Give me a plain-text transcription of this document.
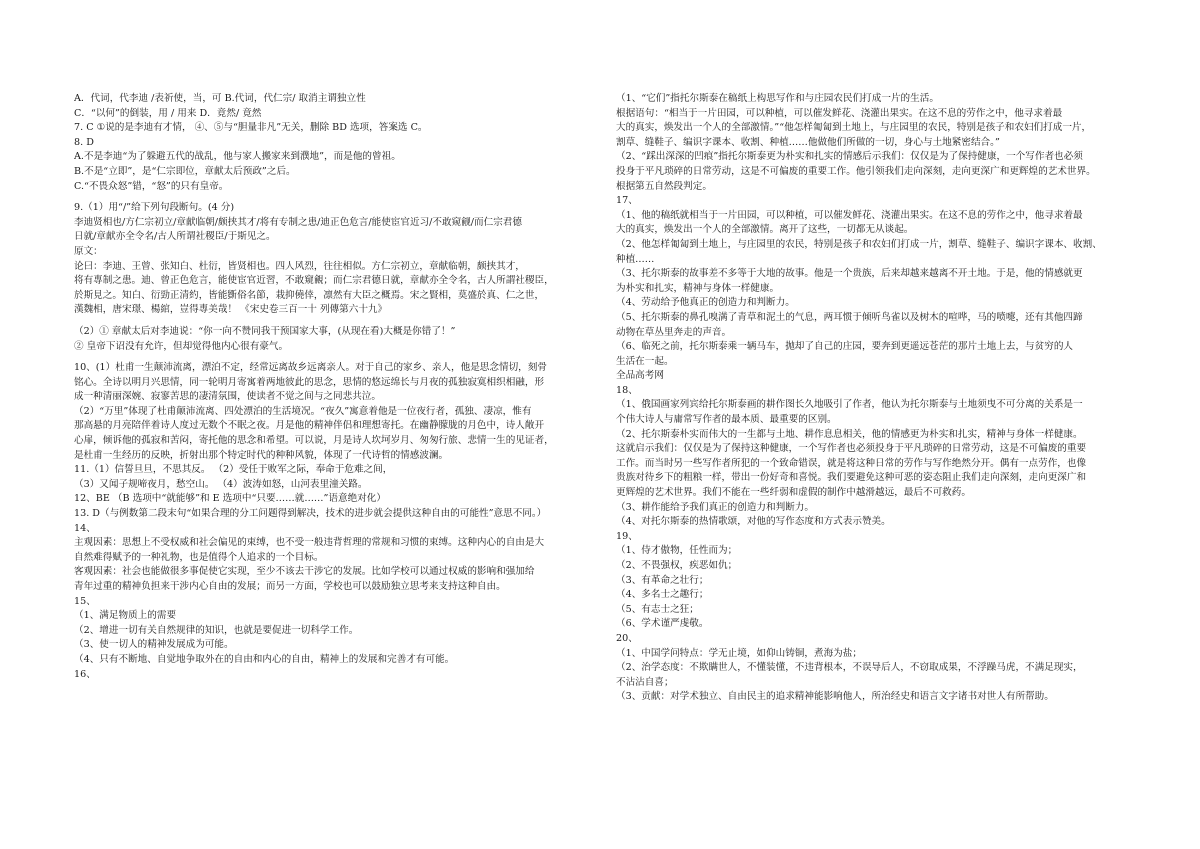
A．代词，代李迪 /表祈使，当，可 B.代词，代仁宗/ 取消主谓独立性
C．“以何”的倒装，用 / 用来 D．竟然/ 竟然
7. C ①说的是李迪有才情， ④、⑤与“胆量非凡”无关，删除 BD 选项，答案选 C。
8. D
A.不是李迪“为了躲避五代的战乱，他与家人搬家来到濮地”，而是他的曾祖。
B.不是“立即”，是“仁宗即位，章献太后预政”之后。
C.“不畏众怒”错，“怒”的只有皇帝。
9.（1）用“/”给下列句段断句。(4 分)
李迪贤相也/方仁宗初立/章献临朝/颇挟其才/将有专制之患/迪正色危言/能使宦官近习/不敢窥觎/而仁宗君德
日就/章献亦全令名/古人所谓社稷臣/于斯见之。
原文：
论曰：李迪、王曾、张知白、杜衍，皆贤相也。四人风烈，往往相似。方仁宗初立，章献临朝，颇挟其才，
将有專制之患。迪、曾正色危言，能使宦官近習，不敢窺覦；而仁宗君德日就，章献亦全令名，古人所謂社稷臣，
於斯見之。知白、衍勁正清約，皆能斵俗名節，栽抑僥倖，凛然有大臣之概焉。宋之賢相，莫盛於真、仁之世，
漢魏相，唐宋璟、楊綰，豈得專美哉！ 《宋史卷三百一十 列傳第六十九》
（2）① 章献太后对李迪说：“你一向不赞同我干预国家大事，(从现在看)大概是你错了！”
② 皇帝下诏没有允许，但却觉得他内心很有豪气。
10、(1）杜甫一生颠沛流离，漂泊不定，经常远离故乡远离亲人。对于自己的家乡、亲人，他是思念情切，刻骨
铭心。全诗以明月兴思情，同一轮明月寄寓着两地彼此的思念，思情的悠远绵长与月夜的孤独寂寞相织相融，形
成一种清丽深婉、寂寥苦思的凄清氛围，使读者不觉之间与之同悲共泣。
（2）“万里”体现了杜甫颠沛流离、四处漂泊的生活境况。“夜久”寓意着他是一位夜行者，孤独、凄凉，惟有
那高悬的月亮陪伴着诗人度过无数个不眠之夜。月是他的精神伴侣和理想寄托。在幽静朦胧的月色中，诗人敞开
心扉，倾诉他的孤寂和苦闷，寄托他的思念和希望。可以说，月是诗人坎坷岁月、匆匆行旅、悲情一生的见证者，
是杜甫一生经历的反映，折射出那个特定时代的种种风貌，体现了一代诗哲的情感波澜。
11.（1）信誓旦旦，不思其反。 （2）受任于败军之际，奉命于危难之间，
（3）又闻子规啼夜月，愁空山。 （4）波涛如怒，山河表里潼关路。
12、BE （B 选项中“就能够”和 E 选项中“只要……就……”语意绝对化）
13. D（与例数第二段末句“如果合理的分工问题得到解决，技术的进步就会提供这种自由的可能性”意思不同。）
14、
主观因素：思想上不受权威和社会偏见的束缚，也不受一般违背哲理的常规和习惯的束缚。这种内心的自由是大
自然难得赋予的一种礼物，也是值得个人追求的一个目标。
客观因素：社会也能做很多事促使它实现，至少不该去干涉它的发展。比如学校可以通过权威的影响和强加给
青年过重的精神负担来干涉内心自由的发展；而另一方面，学校也可以鼓励独立思考来支持这种自由。
15、
（1、满足物质上的需要
（2、增进一切有关自然规律的知识，也就是要促进一切科学工作。
（3、使一切人的精神发展成为可能。
（4、只有不断地、自觉地争取外在的自由和内心的自由，精神上的发展和完善才有可能。
16、
（1、“它们”指托尔斯泰在稿纸上构思写作和与庄园农民们打成一片的生活。
根据语句：“相当于一片田园，可以种植，可以催发鲜花、浇灌出果实。在这不息的劳作之中，他寻求着最
大的真实，焕发出一个人的全部激情。”“他怎样匍匐到土地上，与庄园里的农民，特别是孩子和农妇们打成一片，
割草、缝鞋子、编识字课本、收割、种植……他做他们所做的一切，身心与土地紧密结合。”
（2、“踩出深深的凹痕”指托尔斯泰更为朴实和扎实的情感后示我们：仅仅是为了保持健康，一个写作者也必须
投身于平凡琐碎的日常劳动，这是不可偏废的重要工作。他引领我们走向深刻，走向更深广和更辉煌的艺术世界。
根据第五自然段判定。
17、
（1、他的稿纸就相当于一片田园，可以种植，可以催发鲜花、浇灌出果实。在这不息的劳作之中，他寻求着最
大的真实，焕发出一个人的全部激情。离开了这些，一切都无从谈起。
（2、他怎样匍匐到土地上，与庄园里的农民，特别是孩子和农妇们打成一片，割草、缝鞋子、编识字课本、收割、
种植……
（3、托尔斯泰的故事差不多等于大地的故事。他是一个贵族，后来却越来越离不开土地。于是，他的情感就更
为朴实和扎实，精神与身体一样健康。
（4、劳动给予他真正的创造力和判断力。
（5、托尔斯泰的鼻孔嗅满了青草和泥土的气息，两耳惯于倾听鸟雀以及树木的喧哗，马的喷嚏，还有其他四蹄
动物在草丛里奔走的声音。
（6、临死之前，托尔斯泰乘一辆马车，抛却了自己的庄园，要奔到更遥远苍茫的那片土地上去，与贫穷的人
生活在一起。
全品高考网
18、
（1、俄国画家列宾给托尔斯泰画的耕作图长久地吸引了作者，他认为托尔斯泰与土地须曳不可分离的关系是一
个伟大诗人与庸常写作者的最本质、最重要的区别。
（2、托尔斯泰朴实而伟大的一生都与土地、耕作息息相关，他的情感更为朴实和扎实，精神与身体一样健康。
这就启示我们：仅仅是为了保持这种健康，一个写作者也必须投身于平凡琐碎的日常劳动，这是不可偏废的重要
工作。而当时另一些写作者所犯的一个致命错误，就是将这种日常的劳作与写作绝然分开。偶有一点劳作，也像
贵族对待乡下的粗粮一样，带出一份好奇和喜悦。我们要避免这种可恶的姿态阻止我们走向深刻，走向更深广和
更辉煌的艺术世界。我们不能在一些纤弱和虚假的制作中越滑越远，最后不可救药。
（3、耕作能给予我们真正的创造力和判断力。
（4、对托尔斯泰的热情歌颂，对他的写作态度和方式表示赞美。
19、
（1、侍才傲物，任性而为；
（2、不畏强权，疾恶如仇；
（3、有革命之壮行；
（4、多名士之趣行；
（5、有志士之狂；
（6、学术谨严虔敬。
20、
（1、中国学问特点：学无止境，如仰山铸铜，煮海为盐；
（2、治学态度：不欺瞒世人，不懂装懂，不违背根本，不误导后人，不窃取成果，不浮躁马虎，不满足现实，
不沾沾自喜；
（3、贡献：对学术独立、自由民主的追求精神能影响他人，所治经史和语言文字诸书对世人有所帮助。
